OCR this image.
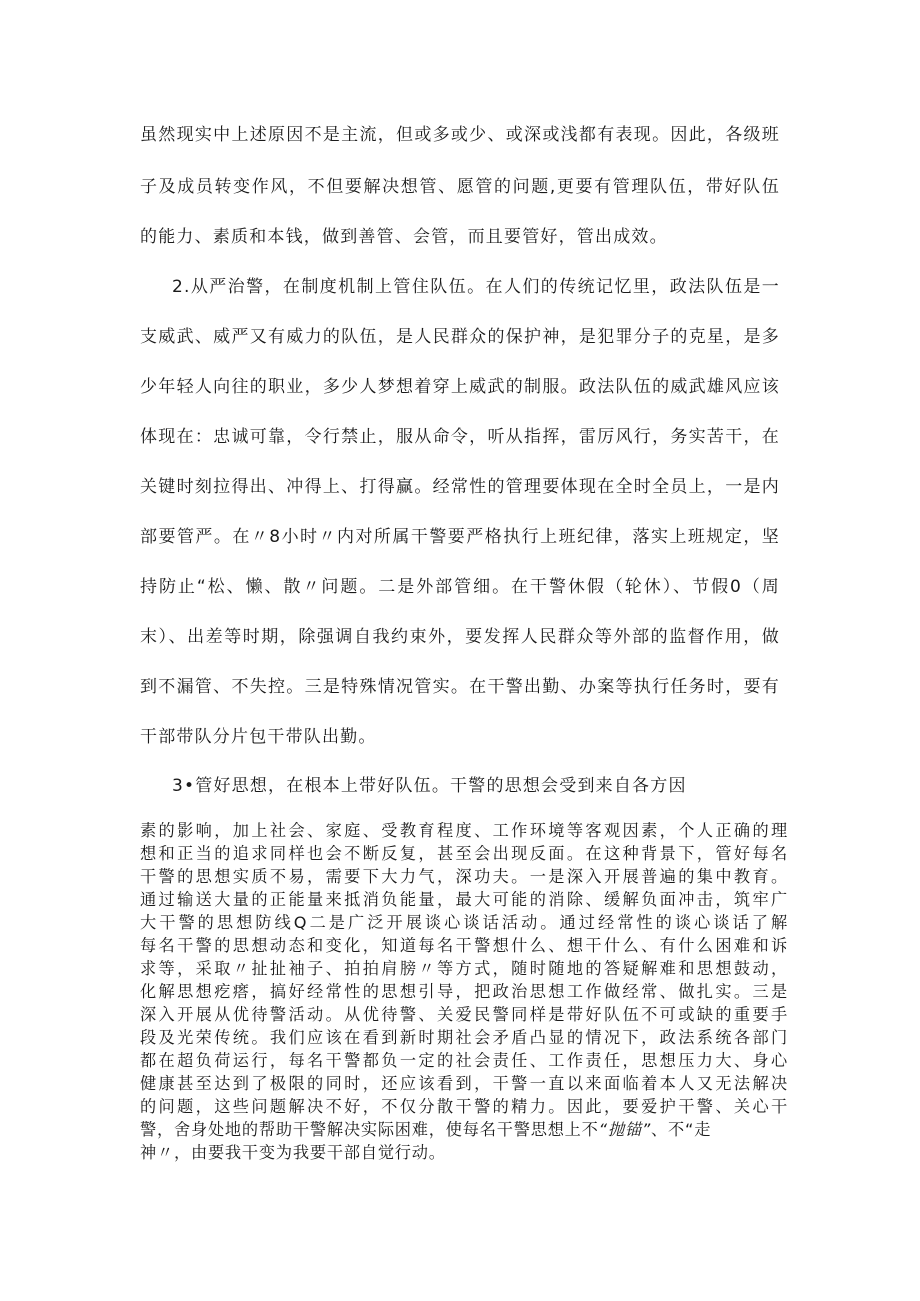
虽然现实中上述原因不是主流，但或多或少、或深或浅都有表现。因此，各级班
子及成员转变作风，不但要解决想管、愿管的问题,更要有管理队伍，带好队伍
的能力、素质和本钱，做到善管、会管，而且要管好，管出成效。
2.从严治警，在制度机制上管住队伍。在人们的传统记忆里，政法队伍是一
支威武、威严又有威力的队伍，是人民群众的保护神，是犯罪分子的克星，是多
少年轻人向往的职业，多少人梦想着穿上威武的制服。政法队伍的威武雄风应该
体现在：忠诚可靠，令行禁止，服从命令，听从指挥，雷厉风行，务实苦干，在
关键时刻拉得出、冲得上、打得赢。经常性的管理要体现在全时全员上，一是内
部要管严。在〃8小时〃内对所属干警要严格执行上班纪律，落实上班规定，坚
持防止“松、懒、散〃问题。二是外部管细。在干警休假（轮休）、节假0（周
末）、出差等时期，除强调自我约束外，要发挥人民群众等外部的监督作用，做
到不漏管、不失控。三是特殊情况管实。在干警出勤、办案等执行任务时，要有
干部带队分片包干带队出勤。
3•管好思想，在根本上带好队伍。干警的思想会受到来自各方因
素的影响，加上社会、家庭、受教育程度、工作环境等客观因素，个人正确的理
想和正当的追求同样也会不断反复，甚至会出现反面。在这种背景下，管好每名
干警的思想实质不易，需要下大力气，深功夫。一是深入开展普遍的集中教育。
通过输送大量的正能量来抵消负能量，最大可能的消除、缓解负面冲击，筑牢广
大干警的思想防线Q二是广泛开展谈心谈话活动。通过经常性的谈心谈话了解
每名干警的思想动态和变化，知道每名干警想什么、想干什么、有什么困难和诉
求等，采取〃扯扯袖子、拍拍肩膀〃等方式，随时随地的答疑解难和思想鼓动，
化解思想疙瘩，搞好经常性的思想引导，把政治思想工作做经常、做扎实。三是
深入开展从优待警活动。从优待警、关爱民警同样是带好队伍不可或缺的重要手
段及光荣传统。我们应该在看到新时期社会矛盾凸显的情况下，政法系统各部门
都在超负荷运行，每名干警都负一定的社会责任、工作责任，思想压力大、身心
健康甚至达到了极限的同时，还应该看到，干警一直以来面临着本人又无法解决
的问题，这些问题解决不好，不仅分散干警的精力。因此，要爱护干警、关心干
警，舍身处地的帮助干警解决实际困难，使每名干警思想上不“抛锚”、不“走
神〃，由要我干变为我要干部自觉行动。
